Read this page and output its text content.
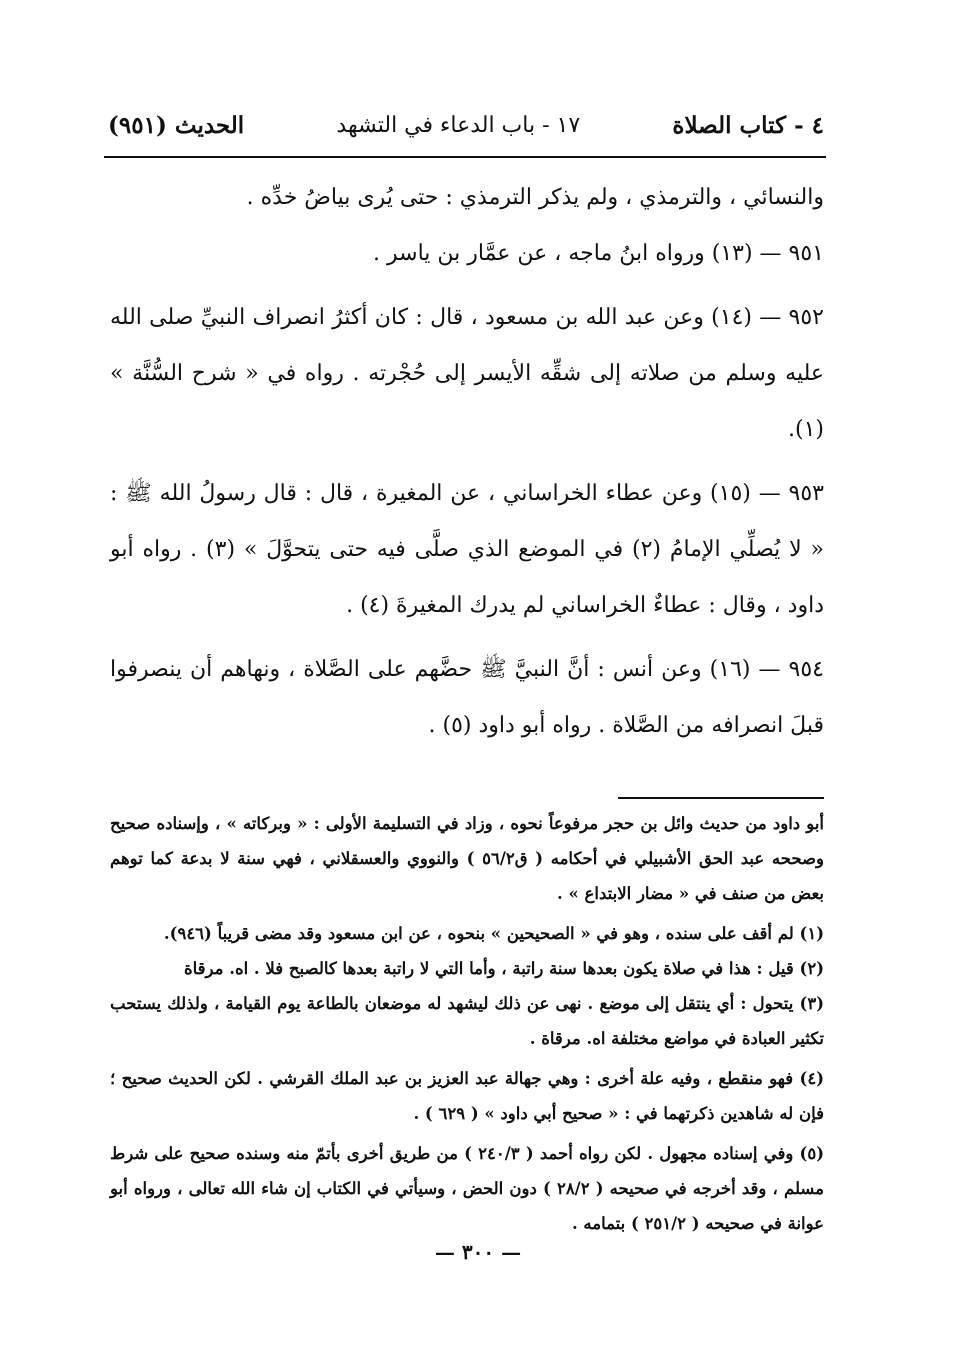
٤ - كتاب الصلاة
١٧ - باب الدعاء في التشهد
الحديث (٩٥١)

والنسائي ، والترمذي ، ولم يذكر الترمذي : حتى يُرى بياضُ خدِّه .

٩٥١ — (١٣) ورواه ابنُ ماجه ، عن عمَّار بن ياسر .

٩٥٢ — (١٤) وعن عبد الله بن مسعود ، قال : كان أكثرُ انصراف النبيِّ صلى الله عليه وسلم من صلاته إلى شقِّه الأيسر إلى حُجْرته . رواه في « شرح السُّنَّة » (١).

٩٥٣ — (١٥) وعن عطاء الخراساني ، عن المغيرة ، قال : قال رسولُ الله ﷺ : « لا يُصلِّي الإمامُ (٢) في الموضع الذي صلَّى فيه حتى يتحوَّلَ » (٣) . رواه أبو داود ، وقال : عطاءٌ الخراساني لم يدرك المغيرةَ (٤) .

٩٥٤ — (١٦) وعن أنس : أنَّ النبيَّ ﷺ حضَّهم على الصَّلاة ، ونهاهم أن ينصرفوا قبلَ انصرافه من الصَّلاة . رواه أبو داود (٥) .

أبو داود من حديث وائل بن حجر مرفوعاً نحوه ، وزاد في التسليمة الأولى : « وبركاته » ، وإسناده صحيح وصححه عبد الحق الأشبيلي في أحكامه ( ق٥٦/٢ ) والنووي والعسقلاني ، فهي سنة لا بدعة كما توهم بعض من صنف في « مضار الابتداع » .

(١) لم أقف على سنده ، وهو في « الصحيحين » بنحوه ، عن ابن مسعود وقد مضى قريباً (٩٤٦).

(٢) قيل : هذا في صلاة يكون بعدها سنة راتبة ، وأما التي لا راتبة بعدها كالصبح فلا . اه. مرقاة

(٣) يتحول : أي ينتقل إلى موضع . نهى عن ذلك ليشهد له موضعان بالطاعة يوم القيامة ، ولذلك يستحب تكثير العبادة في مواضع مختلفة اه. مرقاة .

(٤) فهو منقطع ، وفيه علة أخرى : وهي جهالة عبد العزيز بن عبد الملك القرشي . لكن الحديث صحيح ؛ فإن له شاهدين ذكرتهما في : « صحيح أبي داود » ( ٦٢٩ ) .

(٥) وفي إسناده مجهول . لكن رواه أحمد ( ٢٤٠/٣ ) من طريق أخرى بأتمّ منه وسنده صحيح على شرط مسلم ، وقد أخرجه في صحيحه ( ٢٨/٢ ) دون الحض ، وسيأتي في الكتاب إن شاء الله تعالى ، ورواه أبو عوانة في صحيحه ( ٢٥١/٢ ) بتمامه .

— ٣٠٠ —
